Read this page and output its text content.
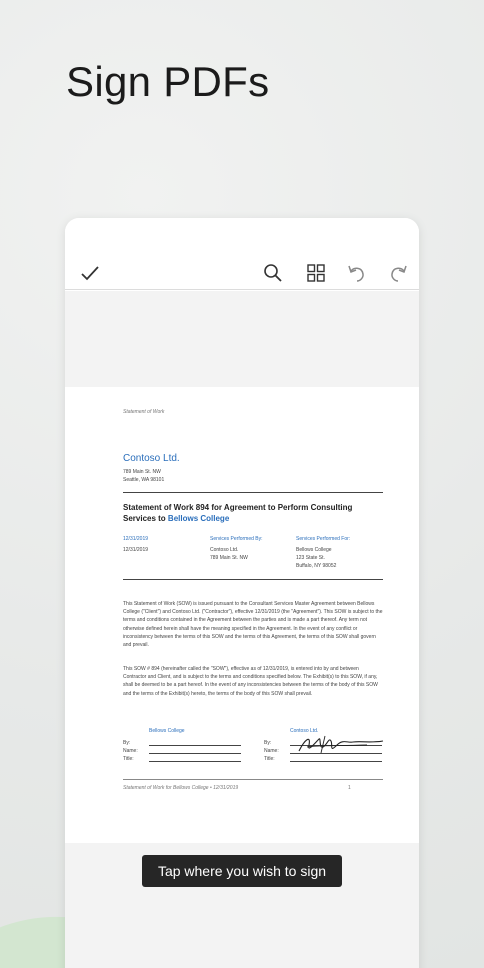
Sign PDFs
Statement of Work
Contoso Ltd.
789 Main St. NW
Seattle, WA 98101
Statement of Work 894 for Agreement to Perform Consulting Services to Bellows College
12/31/2019
12/31/2019
Services Performed By:
Contoso Ltd.
789 Main St. NW
Services Performed For:
Bellows College
123 State St.
Buffalo, NY 98052
This Statement of Work (SOW) is issued pursuant to the Consultant Services Master Agreement between Bellows College ("Client") and Contoso Ltd. ("Contractor"), effective 12/31/2019 (the "Agreement"). This SOW is subject to the terms and conditions contained in the Agreement between the parties and is made a part thereof. Any term not otherwise defined herein shall have the meaning specified in the Agreement. In the event of any conflict or inconsistency between the terms of this SOW and the terms of this Agreement, the terms of this SOW shall govern and prevail.
This SOW # 894 (hereinafter called the "SOW"), effective as of 12/31/2019, is entered into by and between Contractor and Client, and is subject to the terms and conditions specified below. The Exhibit(s) to this SOW, if any, shall be deemed to be a part hereof. In the event of any inconsistencies between the terms of the body of this SOW and the terms of the Exhibit(s) hereto, the terms of the body of this SOW shall prevail.
Bellows College
By:
Name:
Title:
Contoso Ltd.
By:
Name:
Title:
Statement of Work for Bellows College • 12/31/2019	1
Tap where you wish to sign
